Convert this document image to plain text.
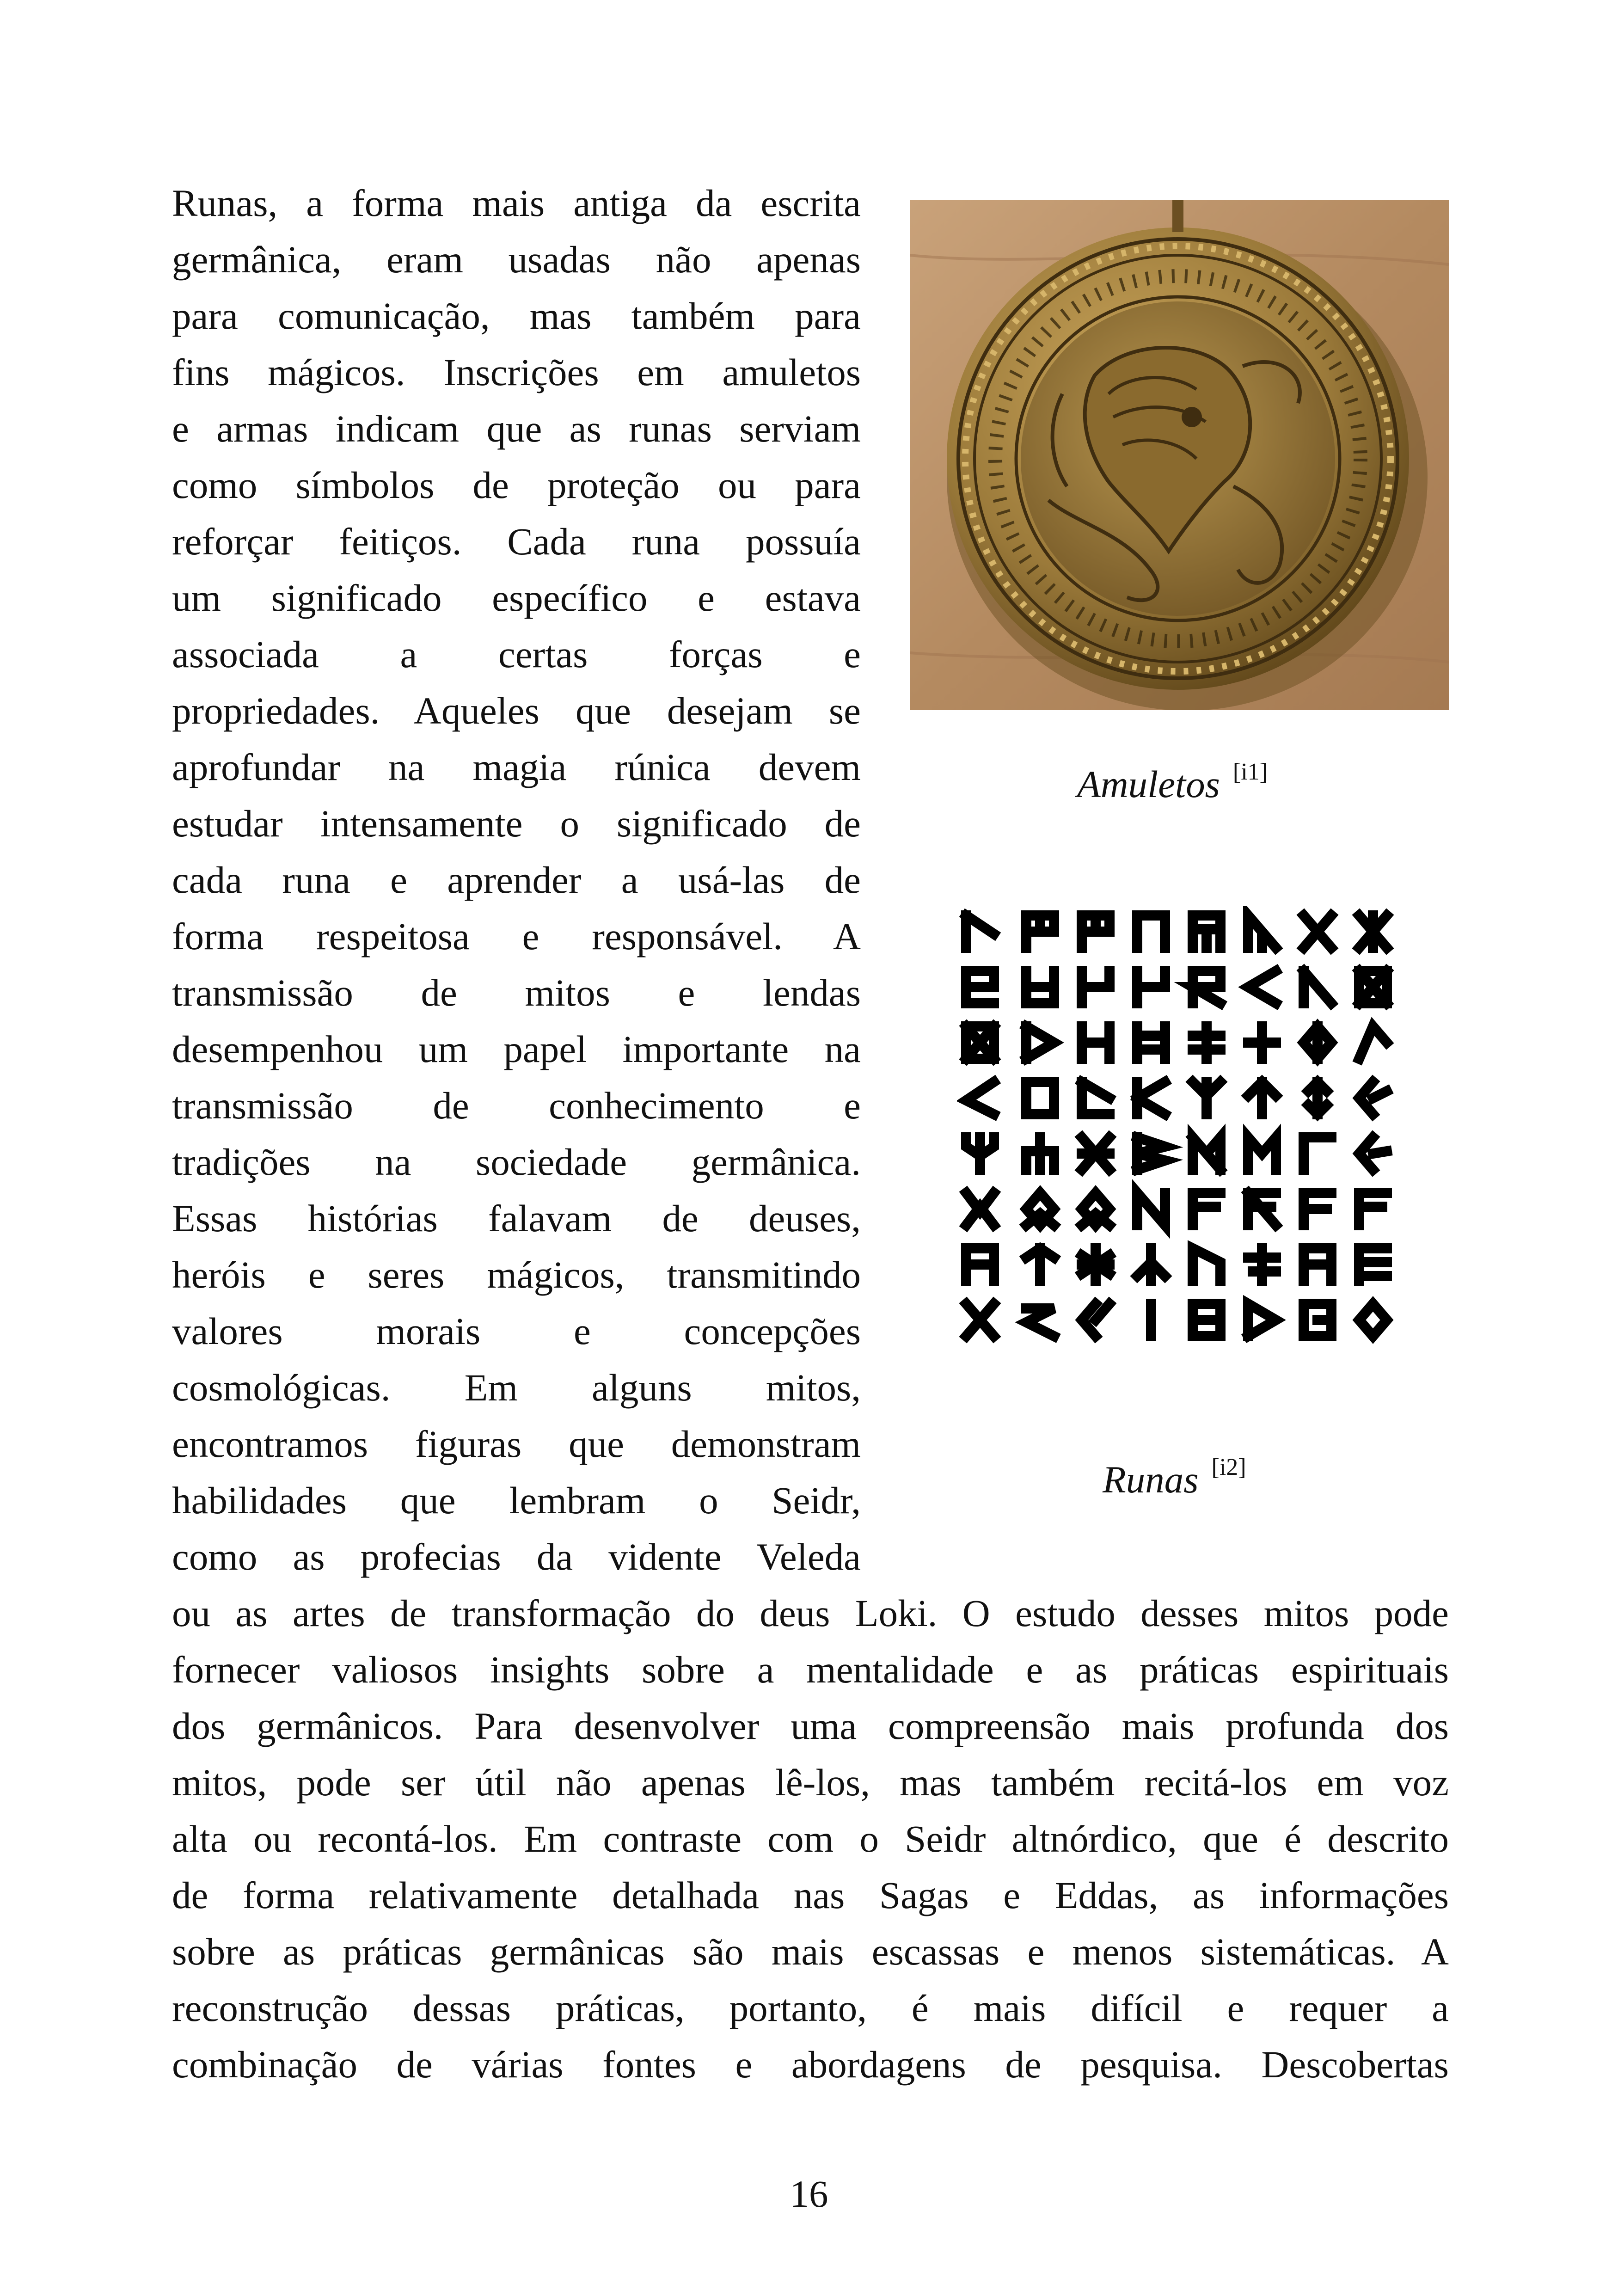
Runas, a forma mais antiga da escrita
germânica, eram usadas não apenas
para comunicação, mas também para
fins mágicos. Inscrições em amuletos
e armas indicam que as runas serviam
como símbolos de proteção ou para
reforçar feitiços. Cada runa possuía
um significado específico e estava
associada a certas forças e
propriedades. Aqueles que desejam se
aprofundar na magia rúnica devem
estudar intensamente o significado de
cada runa e aprender a usá-las de
forma respeitosa e responsável. A
transmissão de mitos e lendas
desempenhou um papel importante na
transmissão de conhecimento e
tradições na sociedade germânica.
Essas histórias falavam de deuses,
heróis e seres mágicos, transmitindo
valores morais e concepções
cosmológicas. Em alguns mitos,
encontramos figuras que demonstram
habilidades que lembram o Seidr,
como as profecias da vidente Veleda
ou as artes de transformação do deus Loki. O estudo desses mitos pode
fornecer valiosos insights sobre a mentalidade e as práticas espirituais
dos germânicos. Para desenvolver uma compreensão mais profunda dos
mitos, pode ser útil não apenas lê-los, mas também recitá-los em voz
alta ou recontá-los. Em contraste com o Seidr altnórdico, que é descrito
de forma relativamente detalhada nas Sagas e Eddas, as informações
sobre as práticas germânicas são mais escassas e menos sistemáticas. A
reconstrução dessas práticas, portanto, é mais difícil e requer a
combinação de várias fontes e abordagens de pesquisa. Descobertas
Amuletos [i1]
Runas [i2]
16
